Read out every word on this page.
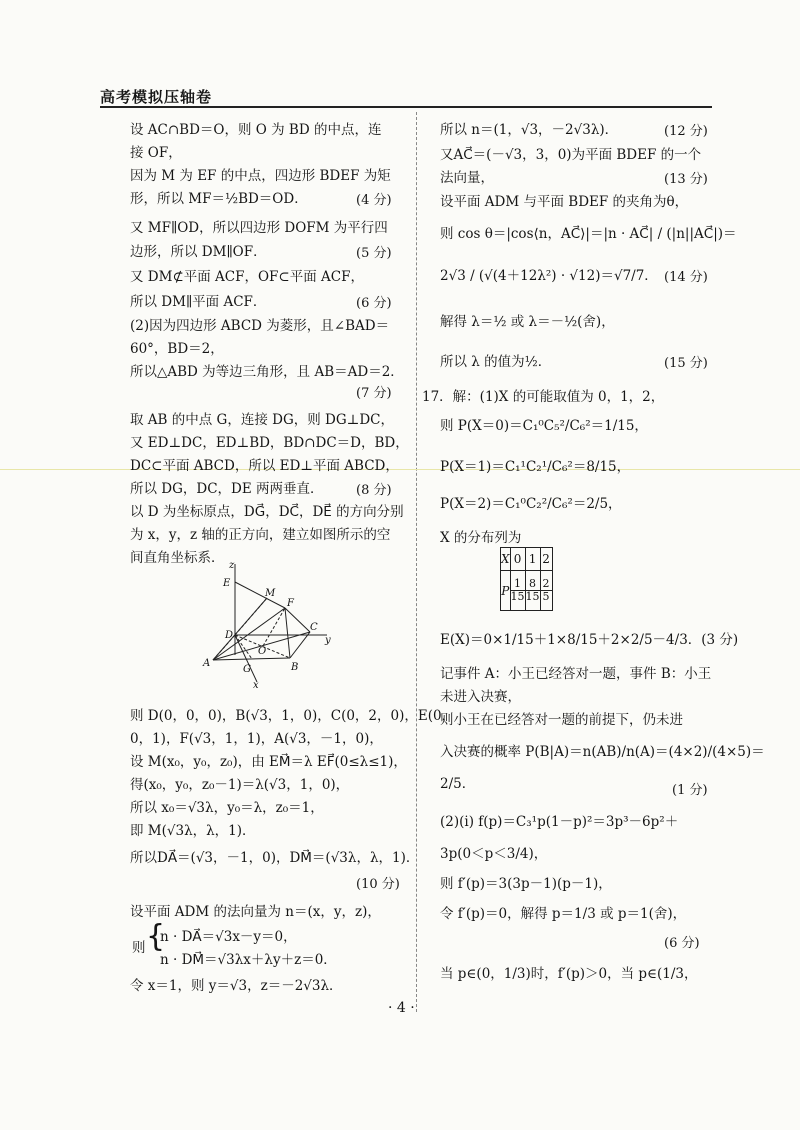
高考模拟压轴卷
设 AC∩BD＝O，则 O 为 BD 的中点，连
接 OF，
因为 M 为 EF 的中点，四边形 BDEF 为矩
形，所以 MF＝½BD＝OD．	(4 分)
又 MF∥OD，所以四边形 DOFM 为平行四
边形，所以 DM∥OF．	(5 分)
又 DM⊄平面 ACF，OF⊂平面 ACF，
所以 DM∥平面 ACF．	(6 分)
(2)因为四边形 ABCD 为菱形，且∠BAD＝
60°，BD＝2，
所以△ABD 为等边三角形，且 AB＝AD＝2．
(7 分)
取 AB 的中点 G，连接 DG，则 DG⊥DC，
又 ED⊥DC，ED⊥BD，BD∩DC＝D，BD，
DC⊂平面 ABCD，所以 ED⊥平面 ABCD，
所以 DG，DC，DE 两两垂直． (8 分)
以 D 为坐标原点，DG⃗，DC⃗，DE⃗ 的方向分别
为 x，y，z 轴的正方向，建立如图所示的空
间直角坐标系． z
E
M
F
D
C
y
O
A	B
G
x
则 D(0，0，0)，B(√3，1，0)，C(0，2，0)，E(0，
0，1)，F(√3，1，1)，A(√3，－1，0)，
设 M(x₀，y₀，z₀)，由 EM⃗＝λ EF⃗(0≤λ≤1)，
得(x₀，y₀，z₀－1)＝λ(√3，1，0)，
所以 x₀＝√3λ，y₀＝λ，z₀＝1，
即 M(√3λ，λ，1)．
所以DA⃗＝(√3，－1，0)，DM⃗＝(√3λ，λ，1)．
(10 分)
设平面 ADM 的法向量为 n＝(x，y，z)，
则 {
n · DA⃗＝√3x－y＝0，
n · DM⃗＝√3λx＋λy＋z＝0．
令 x＝1，则 y＝√3，z＝－2√3λ．
所以 n＝(1，√3，－2√3λ)．	(12 分)
又AC⃗＝(－√3，3，0)为平面 BDEF 的一个
法向量，	(13 分)
设平面 ADM 与平面 BDEF 的夹角为θ，
则 cos θ＝|cos⟨n，AC⃗⟩|＝|n · AC⃗| / (|n||AC⃗|)＝
2√3 / (√(4＋12λ²) · √12)＝√7/7． (14 分)
解得 λ＝½ 或 λ＝－½(舍)，
所以 λ 的值为½．	(15 分)
17．解：(1)X 的可能取值为 0，1，2，
则 P(X＝0)＝C₁⁰C₅²/C₆²＝1/15，
P(X＝1)＝C₁¹C₂¹/C₆²＝8/15，
P(X＝2)＝C₁⁰C₂²/C₆²＝2/5，
X 的分布列为
X	0	1	2
P	$\frac{1}{15}$	$\frac{8}{15}$	$\frac{2}{5}$
E(X)＝0×1/15＋1×8/15＋2×2/5－4/3．(3 分)
记事件 A：小王已经答对一题，事件 B：小王
未进入决赛，
则小王在已经答对一题的前提下，仍未进
入决赛的概率 P(B|A)＝n(AB)/n(A)＝(4×2)/(4×5)＝
2/5．	(1 分)
(2)(i) f(p)＝C₃¹p(1－p)²＝3p³－6p²＋
3p(0＜p＜3/4)，
则 f′(p)＝3(3p－1)(p－1)，
令 f′(p)＝0，解得 p＝1/3 或 p＝1(舍)，
(6 分)
当 p∈(0，1/3)时，f′(p)＞0，当 p∈(1/3，
· 4 ·
